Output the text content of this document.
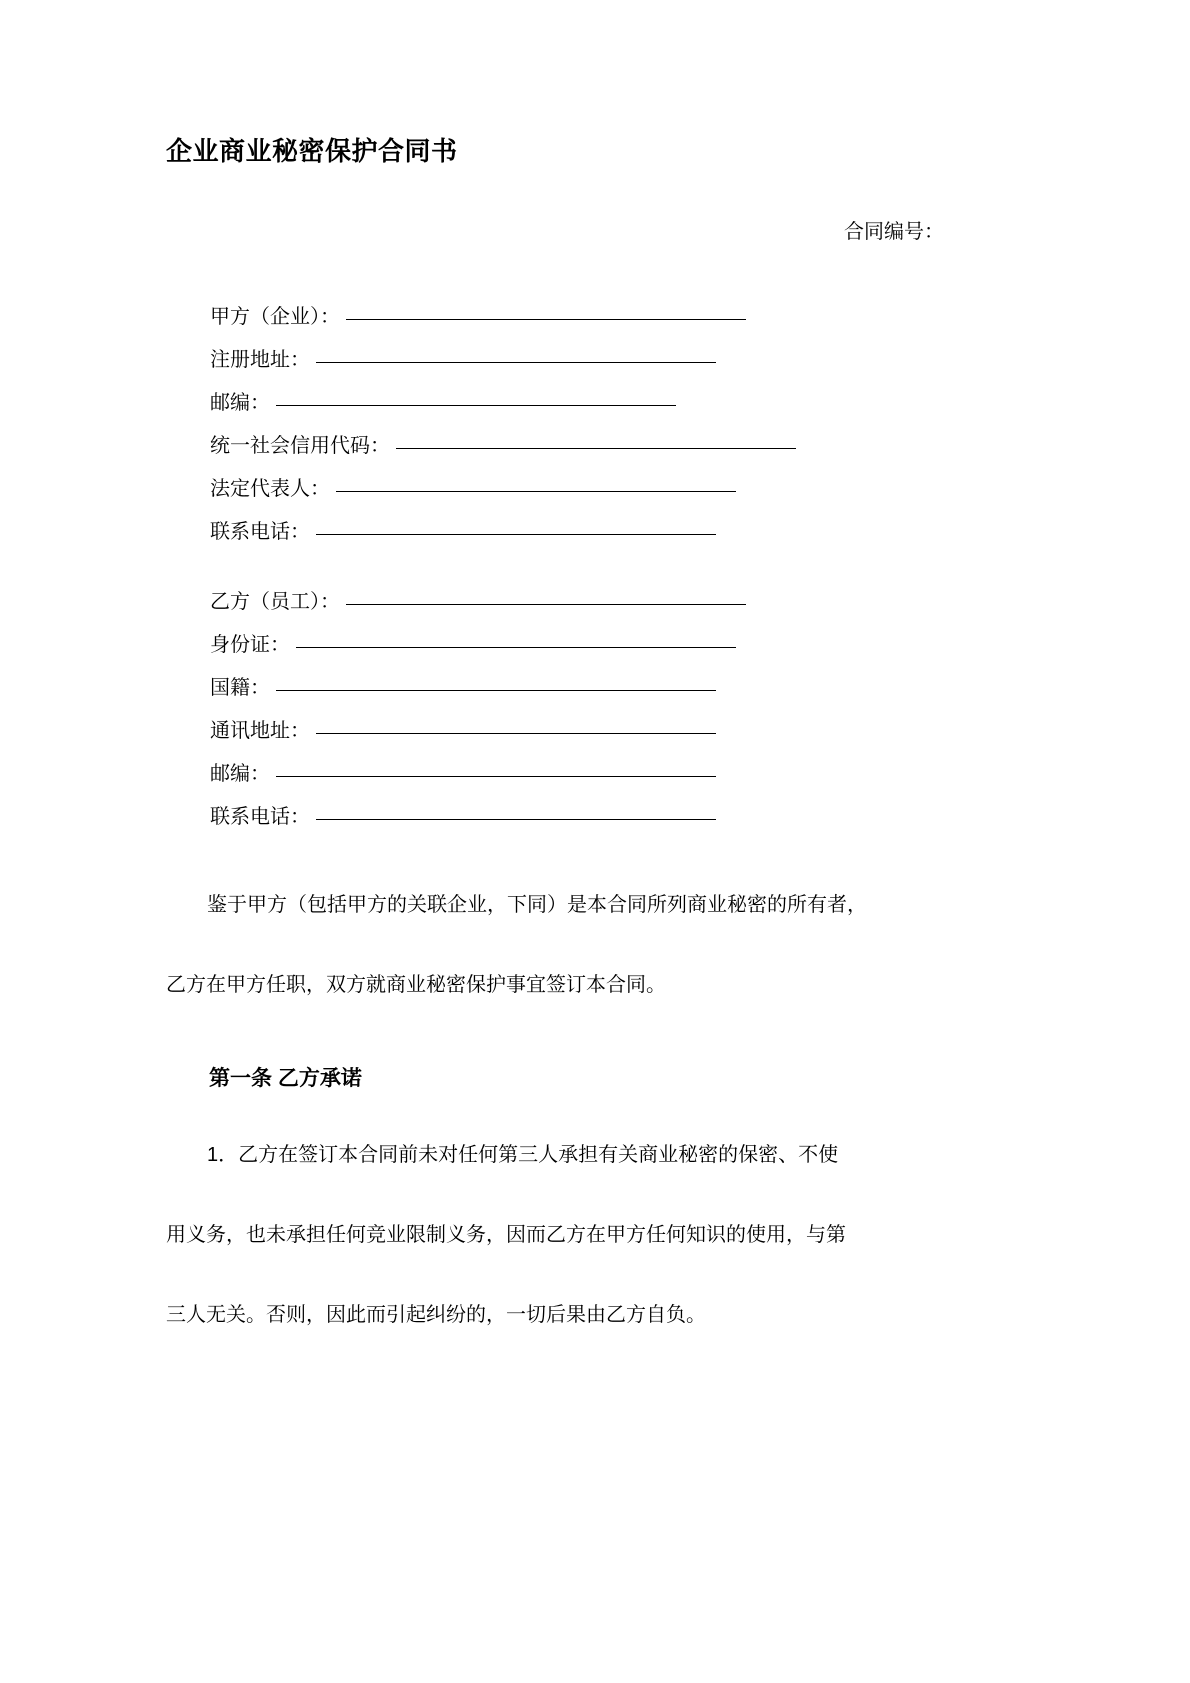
企业商业秘密保护合同书
合同编号：
甲方（企业）：
注册地址：
邮编：
统一社会信用代码：
法定代表人：
联系电话：
乙方（员工）：
身份证：
国籍：
通讯地址：
邮编：
联系电话：
鉴于甲方（包括甲方的关联企业，下同）是本合同所列商业秘密的所有者，
乙方在甲方任职，双方就商业秘密保护事宜签订本合同。
第一条 乙方承诺
1．乙方在签订本合同前未对任何第三人承担有关商业秘密的保密、不使
用义务，也未承担任何竞业限制义务，因而乙方在甲方任何知识的使用，与第
三人无关。否则，因此而引起纠纷的，一切后果由乙方自负。
